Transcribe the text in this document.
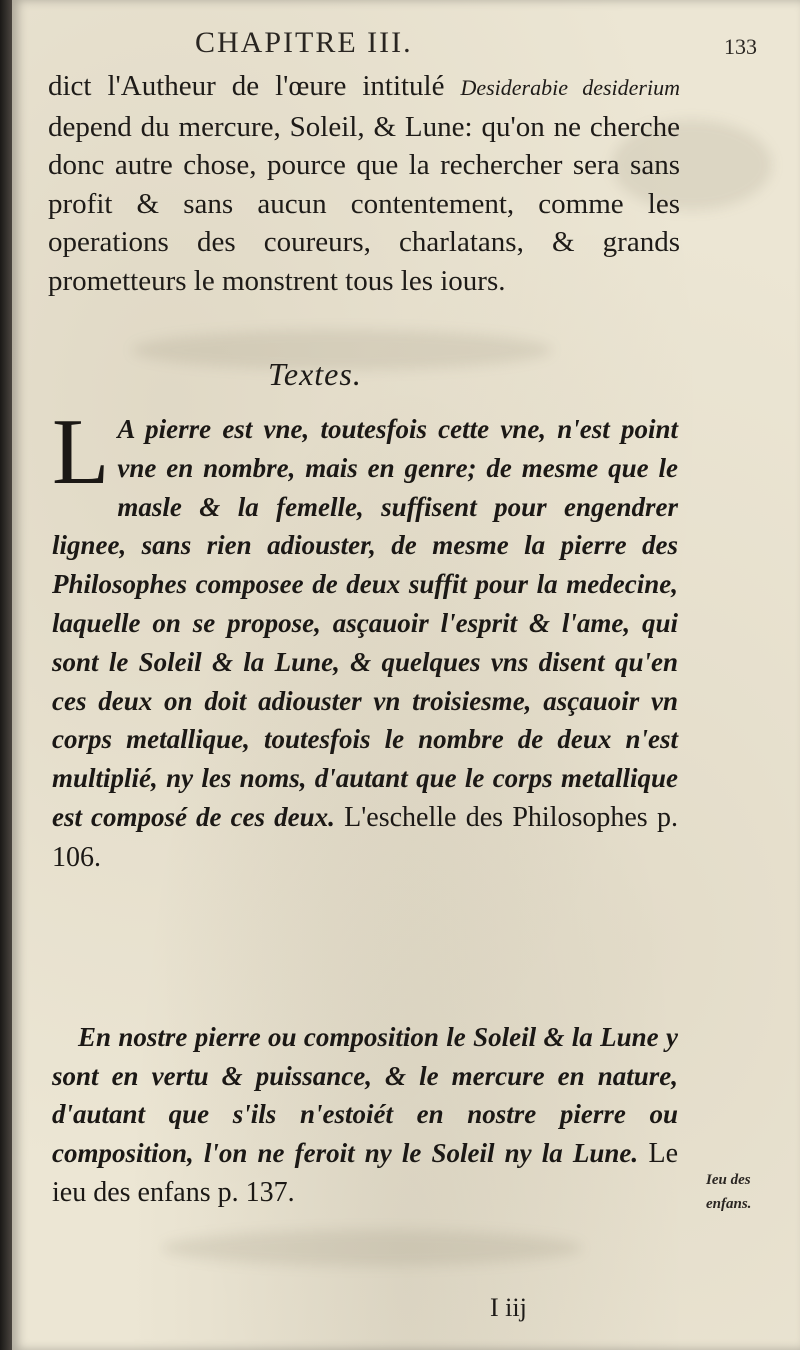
CHAPITRE III.	133
dict l'Autheur de l'œure intitulé Desiderabie desiderium depend du mercure, Soleil, & Lune: qu'on ne cherche donc autre chose, pource que la rechercher sera sans profit & sans aucun contentement, comme les operations des coureurs, charlatans, & grands prometteurs le monstrent tous les iours.
Textes.
L A pierre est vne, toutesfois cette vne, n'est point vne en nombre, mais en genre; de mesme que le masle & la femelle, suffisent pour engendrer lignee, sans rien adiouster, de mesme la pierre des Philosophes composee de deux suffit pour la medecine, laquelle on se propose, asçauoir l'esprit & l'ame, qui sont le Soleil & la Lune, & quelques vns disent qu'en ces deux on doit adiouster vn troisiesme, asçauoir vn corps metallique, toutesfois le nombre de deux n'est multiplié, ny les noms, d'autant que le corps metallique est composé de ces deux. L'eschelle des Philosophes p. 106.
En nostre pierre ou composition le Soleil & la Lune y sont en vertu & puissance, & le mercure en nature, d'autant que s'ils n'estoiét en nostre pierre ou composition, l'on ne feroit ny le Soleil ny la Lune. Le ieu des enfans p. 137.	Ieu des enfans.
I iij
